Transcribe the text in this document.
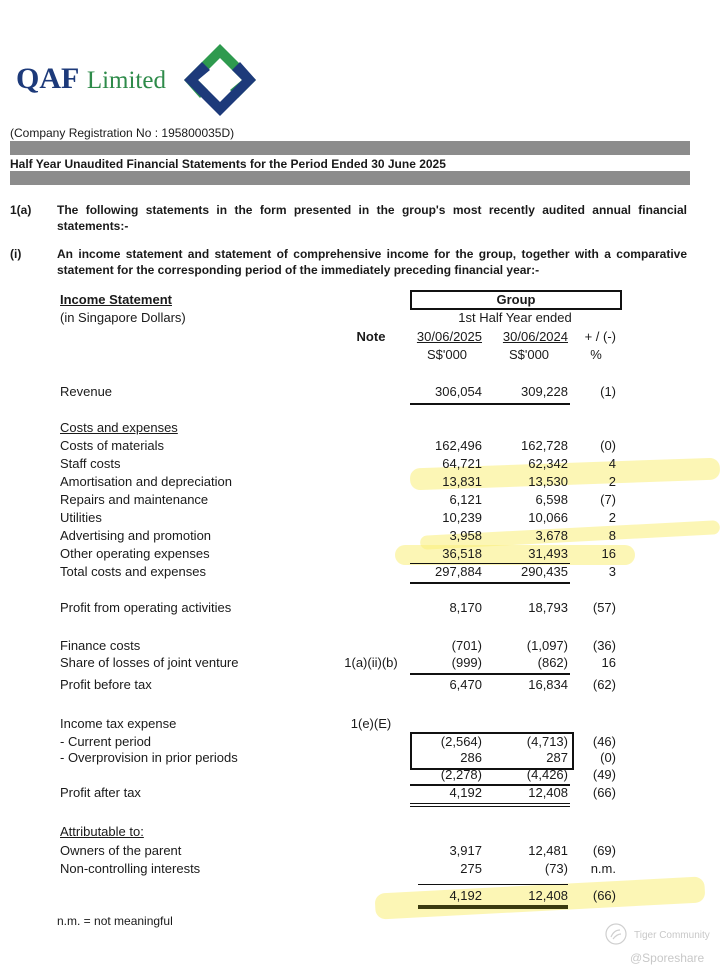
QAF Limited
(Company Registration No : 195800035D)
Half Year Unaudited Financial Statements for the Period Ended 30 June 2025
1(a) The following statements in the form presented in the group's most recently audited annual financial statements:-
(i)	An income statement and statement of comprehensive income for the group, together with a comparative statement for the corresponding period of the immediately preceding financial year:-
Income Statement	Group
(in Singapore Dollars)	1st Half Year ended
Note	30/06/2025	30/06/2024	+ / (-)
S$'000	S$'000	%
Revenue	306,054	309,228	(1)
Costs and expenses
Costs of materials	162,496	162,728	(0)
Staff costs	64,721	62,342	4
Amortisation and depreciation	13,831	13,530	2
Repairs and maintenance	6,121	6,598	(7)
Utilities	10,239	10,066	2
Advertising and promotion	3,958	3,678	8
Other operating expenses	36,518	31,493	16
Total costs and expenses	297,884	290,435	3
Profit from operating activities	8,170	18,793	(57)
Finance costs	(701)	(1,097)	(36)
Share of losses of joint venture	1(a)(ii)(b)	(999)	(862)	16
Profit before tax	6,470	16,834	(62)
Income tax expense	1(e)(E)
- Current period	(2,564)	(4,713)	(46)
- Overprovision in prior periods	286	287	(0)
(2,278)	(4,426)	(49)
Profit after tax	4,192	12,408	(66)
Attributable to:
Owners of the parent	3,917	12,481	(69)
Non-controlling interests	275	(73)	n.m.
4,192	12,408	(66)
n.m. = not meaningful
Tiger Community
@Sporeshare
